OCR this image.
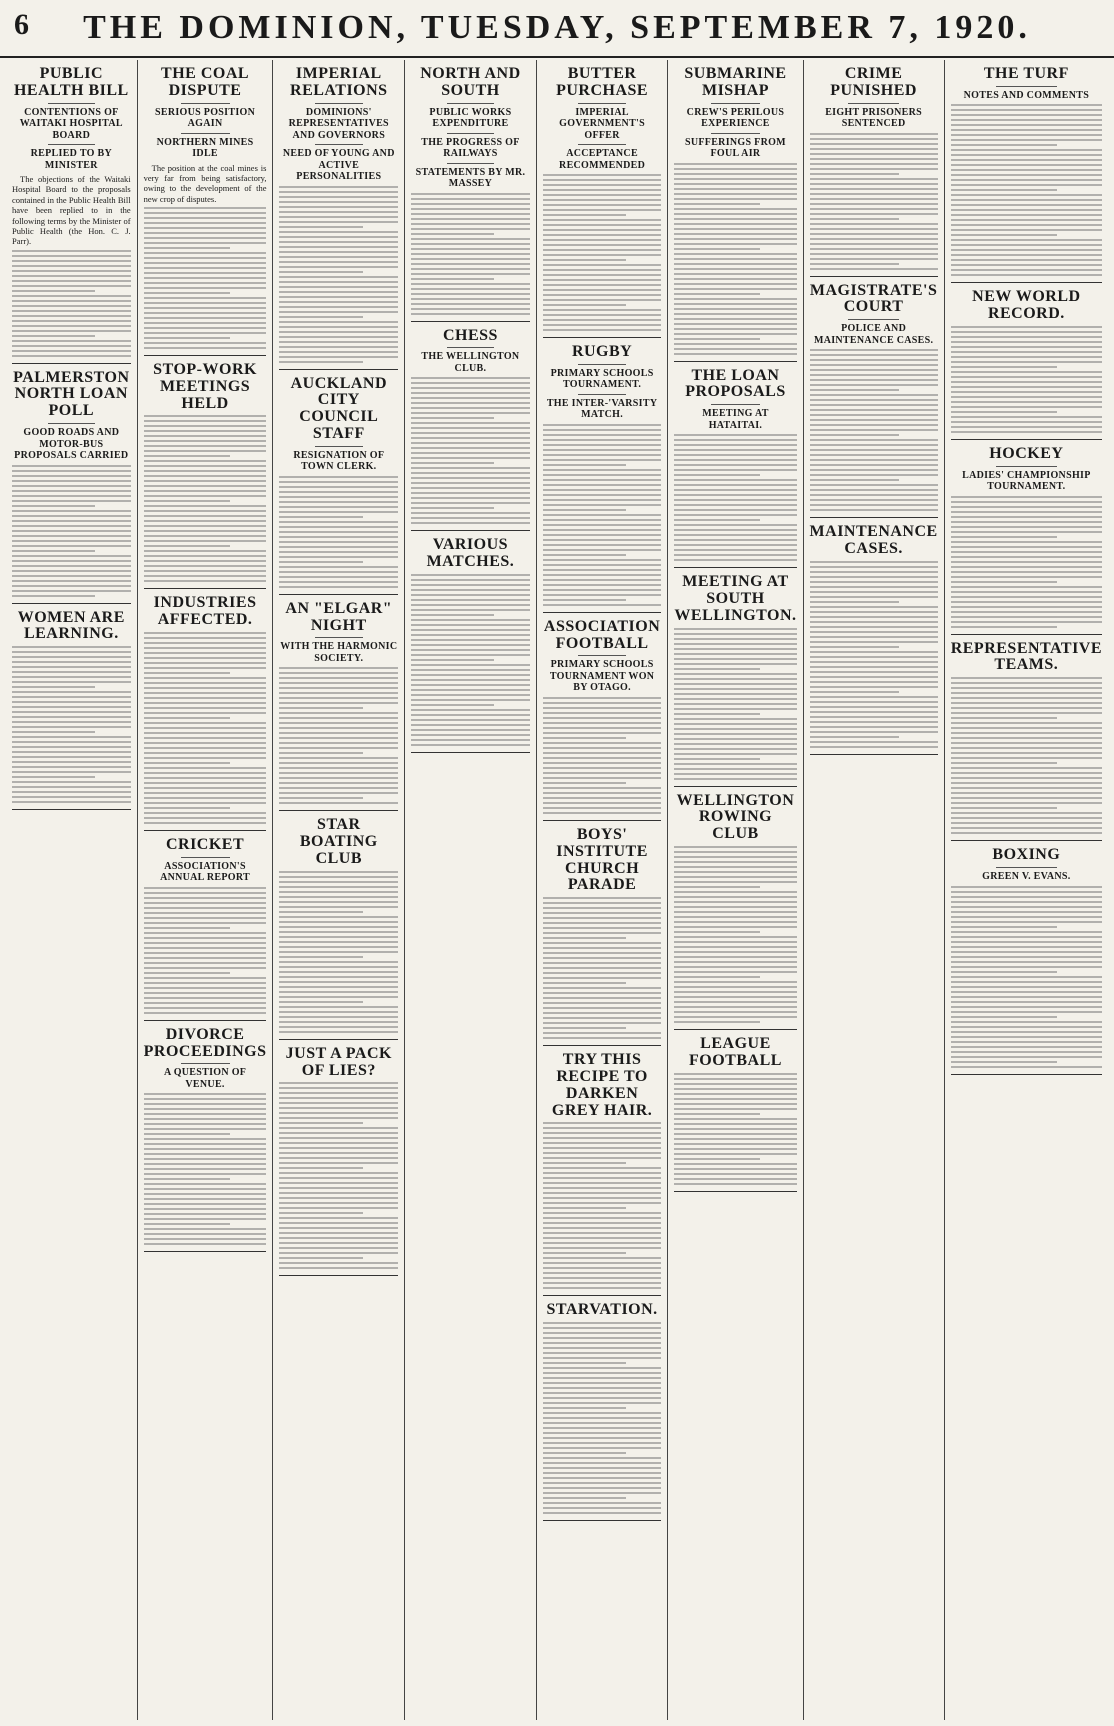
6 THE DOMINION, TUESDAY, SEPTEMBER 7, 1920.
PUBLIC HEALTH BILL
CONTENTIONS OF WAITAKI HOSPITAL BOARD
REPLIED TO BY MINISTER

The objections of the Waitaki Hospital Board to the proposals contained in the Public Health Bill have been replied to in the following terms by the Minister of Public Health (the Hon. C. J. Parr).

PALMERSTON NORTH LOAN POLL
GOOD ROADS AND MOTOR-BUS PROPOSALS CARRIED
WOMEN ARE LEARNING.
THE COAL DISPUTE
SERIOUS POSITION AGAIN
NORTHERN MINES IDLE

The position at the coal mines is very far from being satisfactory, owing to the development of the new crop of disputes.

STOP-WORK MEETINGS HELD
INDUSTRIES AFFECTED.
CRICKET
ASSOCIATION'S ANNUAL REPORT
DIVORCE PROCEEDINGS
A QUESTION OF VENUE.
IMPERIAL RELATIONS
DOMINIONS' REPRESENTATIVES AND GOVERNORS
NEED OF YOUNG AND ACTIVE PERSONALITIES
AUCKLAND CITY COUNCIL STAFF
RESIGNATION OF TOWN CLERK.
AN "ELGAR" NIGHT
WITH THE HARMONIC SOCIETY.
STAR BOATING CLUB
JUST A PACK OF LIES?
NORTH AND SOUTH
PUBLIC WORKS EXPENDITURE
THE PROGRESS OF RAILWAYS
STATEMENTS BY MR. MASSEY
CHESS
THE WELLINGTON CLUB.
VARIOUS MATCHES.
BUTTER PURCHASE
IMPERIAL GOVERNMENT'S OFFER
ACCEPTANCE RECOMMENDED
RUGBY
PRIMARY SCHOOLS TOURNAMENT.
THE INTER-'VARSITY MATCH.
ASSOCIATION FOOTBALL
PRIMARY SCHOOLS TOURNAMENT WON BY OTAGO.
BOYS' INSTITUTE CHURCH PARADE
TRY THIS RECIPE TO DARKEN GREY HAIR.
STARVATION.
SUBMARINE MISHAP
CREW'S PERILOUS EXPERIENCE
SUFFERINGS FROM FOUL AIR
THE LOAN PROPOSALS
MEETING AT HATAITAI.
MEETING AT SOUTH WELLINGTON.
WELLINGTON ROWING CLUB
LEAGUE FOOTBALL
CRIME PUNISHED
EIGHT PRISONERS SENTENCED
MAGISTRATE'S COURT
POLICE AND MAINTENANCE CASES.
MAINTENANCE CASES.
THE TURF
NOTES AND COMMENTS
NEW WORLD RECORD.
HOCKEY
LADIES' CHAMPIONSHIP TOURNAMENT.
REPRESENTATIVE TEAMS.
BOXING
GREEN V. EVANS.
